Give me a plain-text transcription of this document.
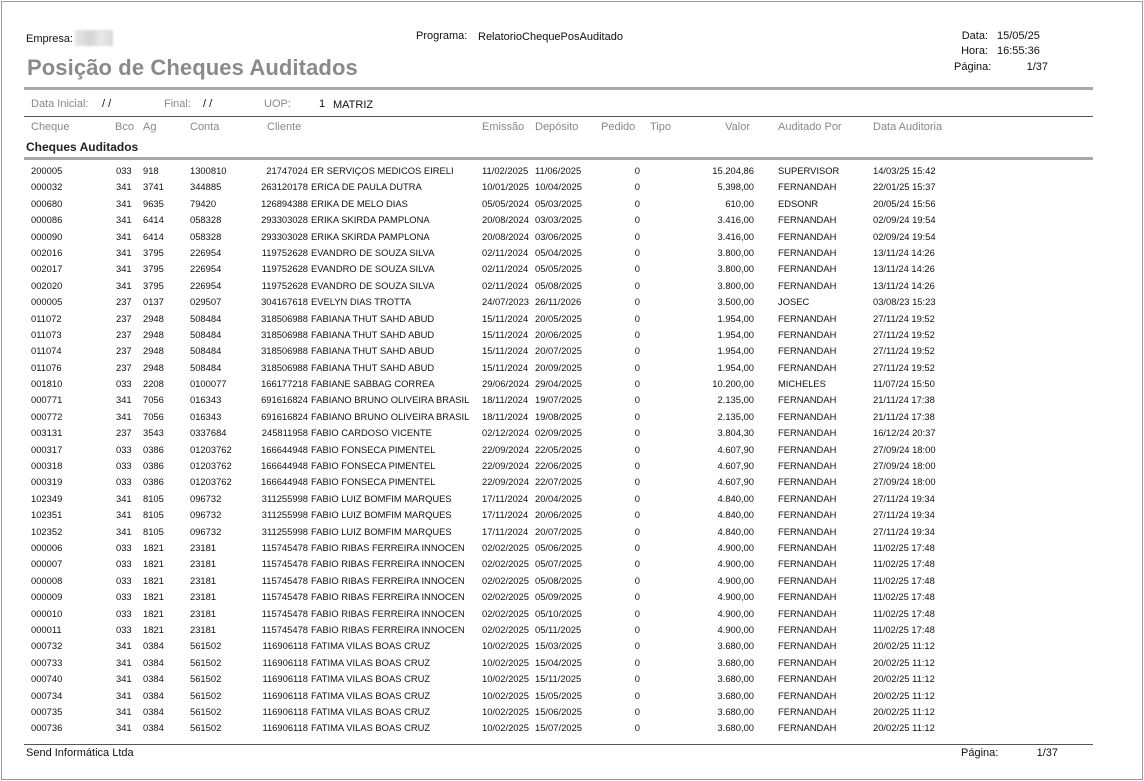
Empresa:	Programa: RelatorioChequePosAuditado	Data: 15/05/25
Hora: 16:55:36
Página:	1/37
Posição de Cheques Auditados
Data Inicial: / /	Final: / /	UOP:	1 MATRIZ
Cheque	Bco Ag	Conta	Cliente	Emissão Depósito Pedido Tipo	Valor	Auditado Por	Data Auditoria
Cheques Auditados
200005	033 918	1300810	21747024 ER SERVIÇOS MEDICOS EIRELI	11/02/2025 11/06/2025	0	15.204,86	SUPERVISOR	14/03/25 15:42
000032	341 3741	344885	263120178 ERICA DE PAULA DUTRA	10/01/2025 10/04/2025	0	5.398,00	FERNANDAH	22/01/25 15:37
000680	341 9635	79420	126894388 ERIKA DE MELO DIAS	05/05/2024 05/03/2025	0	610,00	EDSONR	20/05/24 15:56
000086	341 6414	058328	293303028 ERIKA SKIRDA PAMPLONA	20/08/2024 03/03/2025	0	3.416,00	FERNANDAH	02/09/24 19:54
000090	341 6414	058328	293303028 ERIKA SKIRDA PAMPLONA	20/08/2024 03/06/2025	0	3.416,00	FERNANDAH	02/09/24 19:54
002016	341 3795	226954	119752628 EVANDRO DE SOUZA SILVA	02/11/2024 05/04/2025	0	3.800,00	FERNANDAH	13/11/24 14:26
002017	341 3795	226954	119752628 EVANDRO DE SOUZA SILVA	02/11/2024 05/05/2025	0	3.800,00	FERNANDAH	13/11/24 14:26
002020	341 3795	226954	119752628 EVANDRO DE SOUZA SILVA	02/11/2024 05/08/2025	0	3.800,00	FERNANDAH	13/11/24 14:26
000005	237 0137	029507	304167618 EVELYN DIAS TROTTA	24/07/2023 26/11/2026	0	3.500,00	JOSEC	03/08/23 15:23
011072	237 2948	508484	318506988 FABIANA THUT SAHD ABUD	15/11/2024 20/05/2025	0	1.954,00	FERNANDAH	27/11/24 19:52
011073	237 2948	508484	318506988 FABIANA THUT SAHD ABUD	15/11/2024 20/06/2025	0	1.954,00	FERNANDAH	27/11/24 19:52
011074	237 2948	508484	318506988 FABIANA THUT SAHD ABUD	15/11/2024 20/07/2025	0	1.954,00	FERNANDAH	27/11/24 19:52
011076	237 2948	508484	318506988 FABIANA THUT SAHD ABUD	15/11/2024 20/09/2025	0	1.954,00	FERNANDAH	27/11/24 19:52
001810	033 2208	0100077	166177218 FABIANE SABBAG CORREA	29/06/2024 29/04/2025	0	10.200,00	MICHELES	11/07/24 15:50
000771	341 7056	016343	691616824 FABIANO BRUNO OLIVEIRA BRASIL 18/11/2024 19/07/2025	0	2.135,00	FERNANDAH	21/11/24 17:38
000772	341 7056	016343	691616824 FABIANO BRUNO OLIVEIRA BRASIL 18/11/2024 19/08/2025	0	2.135,00	FERNANDAH	21/11/24 17:38
003131	237 3543	0337684	245811958 FABIO CARDOSO VICENTE	02/12/2024 02/09/2025	0	3.804,30	FERNANDAH	16/12/24 20:37
000317	033 0386	01203762	166644948 FABIO FONSECA PIMENTEL	22/09/2024 22/05/2025	0	4.607,90	FERNANDAH	27/09/24 18:00
000318	033 0386	01203762	166644948 FABIO FONSECA PIMENTEL	22/09/2024 22/06/2025	0	4.607,90	FERNANDAH	27/09/24 18:00
000319	033 0386	01203762	166644948 FABIO FONSECA PIMENTEL	22/09/2024 22/07/2025	0	4.607,90	FERNANDAH	27/09/24 18:00
102349	341 8105	096732	311255998 FABIO LUIZ BOMFIM MARQUES	17/11/2024 20/04/2025	0	4.840,00	FERNANDAH	27/11/24 19:34
102351	341 8105	096732	311255998 FABIO LUIZ BOMFIM MARQUES	17/11/2024 20/06/2025	0	4.840,00	FERNANDAH	27/11/24 19:34
102352	341 8105	096732	311255998 FABIO LUIZ BOMFIM MARQUES	17/11/2024 20/07/2025	0	4.840,00	FERNANDAH	27/11/24 19:34
000006	033 1821	23181	115745478 FABIO RIBAS FERREIRA INNOCEN 02/02/2025 05/06/2025	0	4.900,00	FERNANDAH	11/02/25 17:48
000007	033 1821	23181	115745478 FABIO RIBAS FERREIRA INNOCEN 02/02/2025 05/07/2025	0	4.900,00	FERNANDAH	11/02/25 17:48
000008	033 1821	23181	115745478 FABIO RIBAS FERREIRA INNOCEN 02/02/2025 05/08/2025	0	4.900,00	FERNANDAH	11/02/25 17:48
000009	033 1821	23181	115745478 FABIO RIBAS FERREIRA INNOCEN 02/02/2025 05/09/2025	0	4.900,00	FERNANDAH	11/02/25 17:48
000010	033 1821	23181	115745478 FABIO RIBAS FERREIRA INNOCEN 02/02/2025 05/10/2025	0	4.900,00	FERNANDAH	11/02/25 17:48
000011	033 1821	23181	115745478 FABIO RIBAS FERREIRA INNOCEN 02/02/2025 05/11/2025	0	4.900,00	FERNANDAH	11/02/25 17:48
000732	341 0384	561502	116906118 FATIMA VILAS BOAS CRUZ	10/02/2025 15/03/2025	0	3.680,00	FERNANDAH	20/02/25 11:12
000733	341 0384	561502	116906118 FATIMA VILAS BOAS CRUZ	10/02/2025 15/04/2025	0	3.680,00	FERNANDAH	20/02/25 11:12
000740	341 0384	561502	116906118 FATIMA VILAS BOAS CRUZ	10/02/2025 15/11/2025	0	3.680,00	FERNANDAH	20/02/25 11:12
000734	341 0384	561502	116906118 FATIMA VILAS BOAS CRUZ	10/02/2025 15/05/2025	0	3.680,00	FERNANDAH	20/02/25 11:12
000735	341 0384	561502	116906118 FATIMA VILAS BOAS CRUZ	10/02/2025 15/06/2025	0	3.680,00	FERNANDAH	20/02/25 11:12
000736	341 0384	561502	116906118 FATIMA VILAS BOAS CRUZ	10/02/2025 15/07/2025	0	3.680,00	FERNANDAH	20/02/25 11:12
Send Informática Ltda	Página:	1/37
